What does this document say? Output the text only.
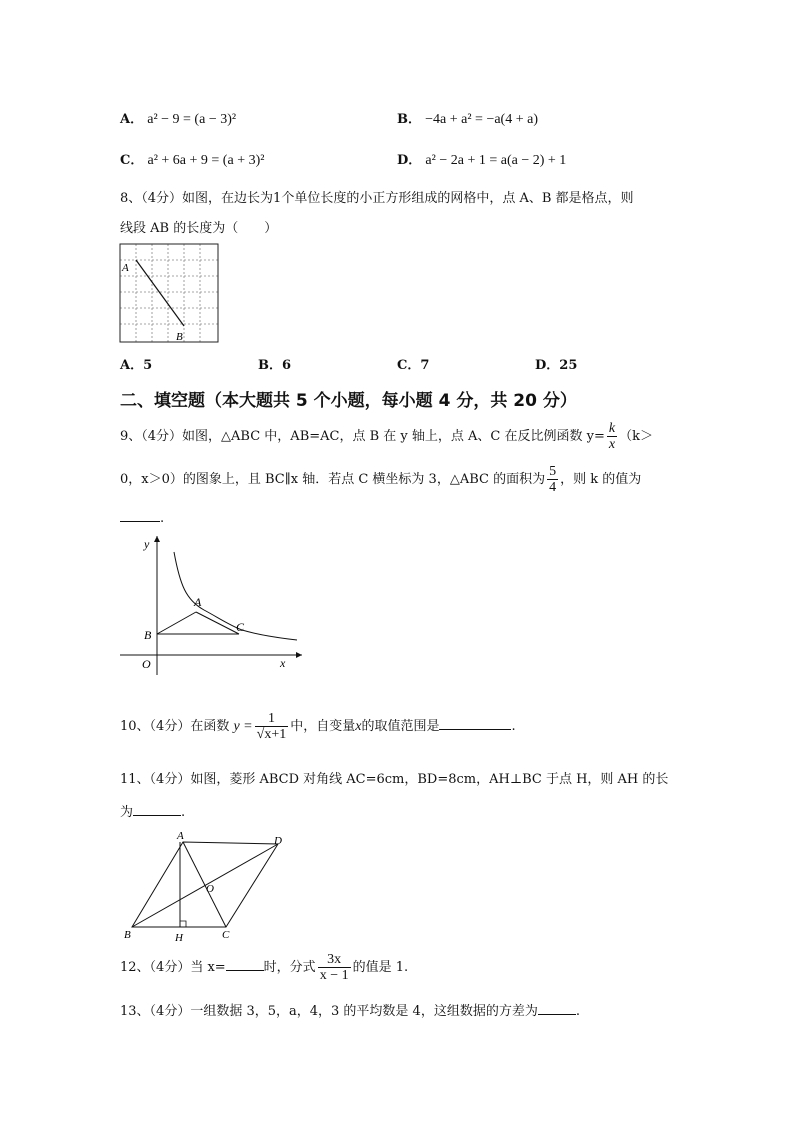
A． a² − 9 = (a − 3)²	B． −4a + a² = −a(4 + a)
C． a² + 6a + 9 = (a + 3)²	D． a² − 2a + 1 = a(a − 2) + 1
8、（4分）如图，在边长为1个单位长度的小正方形组成的网格中，点 A、B 都是格点，则
线段 AB 的长度为（　　）
A
B
A．5	B．6	C．7	D．25
二、填空题（本大题共 5 个小题，每小题 4 分，共 20 分）
9、（4分）如图，△ABC 中，AB=AC，点 B 在 y 轴上，点 A、C 在反比例函数 $y= \frac{k}{x} (k>$
0，x＞0）的图象上，且 BC∥x 轴．若点 C 横坐标为 3，△ABC 的面积为 $\frac{5}{4}$ ，则 k 的值为
.
y
x
O
A
B
C
10、（4分）在函数 $y = \frac{1}{√x+1}$ 中，自变量x的取值范围是	.
11、（4分）如图，菱形 ABCD 对角线 AC=6cm，BD=8cm，AH⊥BC 于点 H，则 AH 的长
为	.
A	D
B	C
O
H
12、（4分）当 x=	时，分式 $\frac{3x}{x - 1}$ 的值是 1.
13、（4分）一组数据 3，5，a，4，3 的平均数是 4，这组数据的方差为	.
